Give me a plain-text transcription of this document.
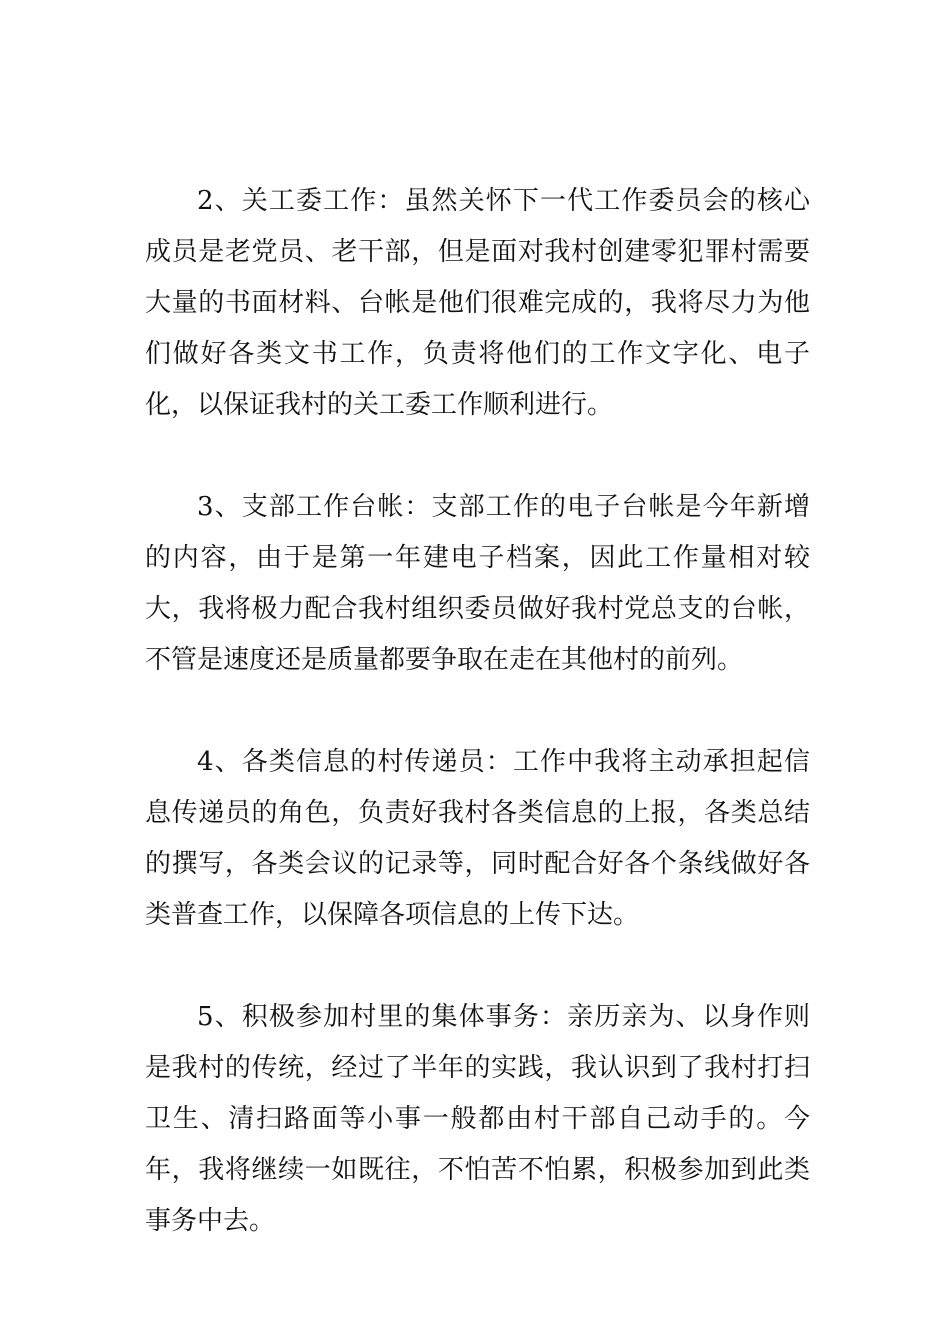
2、关工委工作：虽然关怀下一代工作委员会的核心成员是老党员、老干部，但是面对我村创建零犯罪村需要大量的书面材料、台帐是他们很难完成的，我将尽力为他们做好各类文书工作，负责将他们的工作文字化、电子化，以保证我村的关工委工作顺利进行。

3、支部工作台帐：支部工作的电子台帐是今年新增的内容，由于是第一年建电子档案，因此工作量相对较大，我将极力配合我村组织委员做好我村党总支的台帐，不管是速度还是质量都要争取在走在其他村的前列。

4、各类信息的村传递员：工作中我将主动承担起信息传递员的角色，负责好我村各类信息的上报，各类总结的撰写，各类会议的记录等，同时配合好各个条线做好各类普查工作，以保障各项信息的上传下达。

5、积极参加村里的集体事务：亲历亲为、以身作则是我村的传统，经过了半年的实践，我认识到了我村打扫卫生、清扫路面等小事一般都由村干部自己动手的。今年，我将继续一如既往，不怕苦不怕累，积极参加到此类事务中去。
